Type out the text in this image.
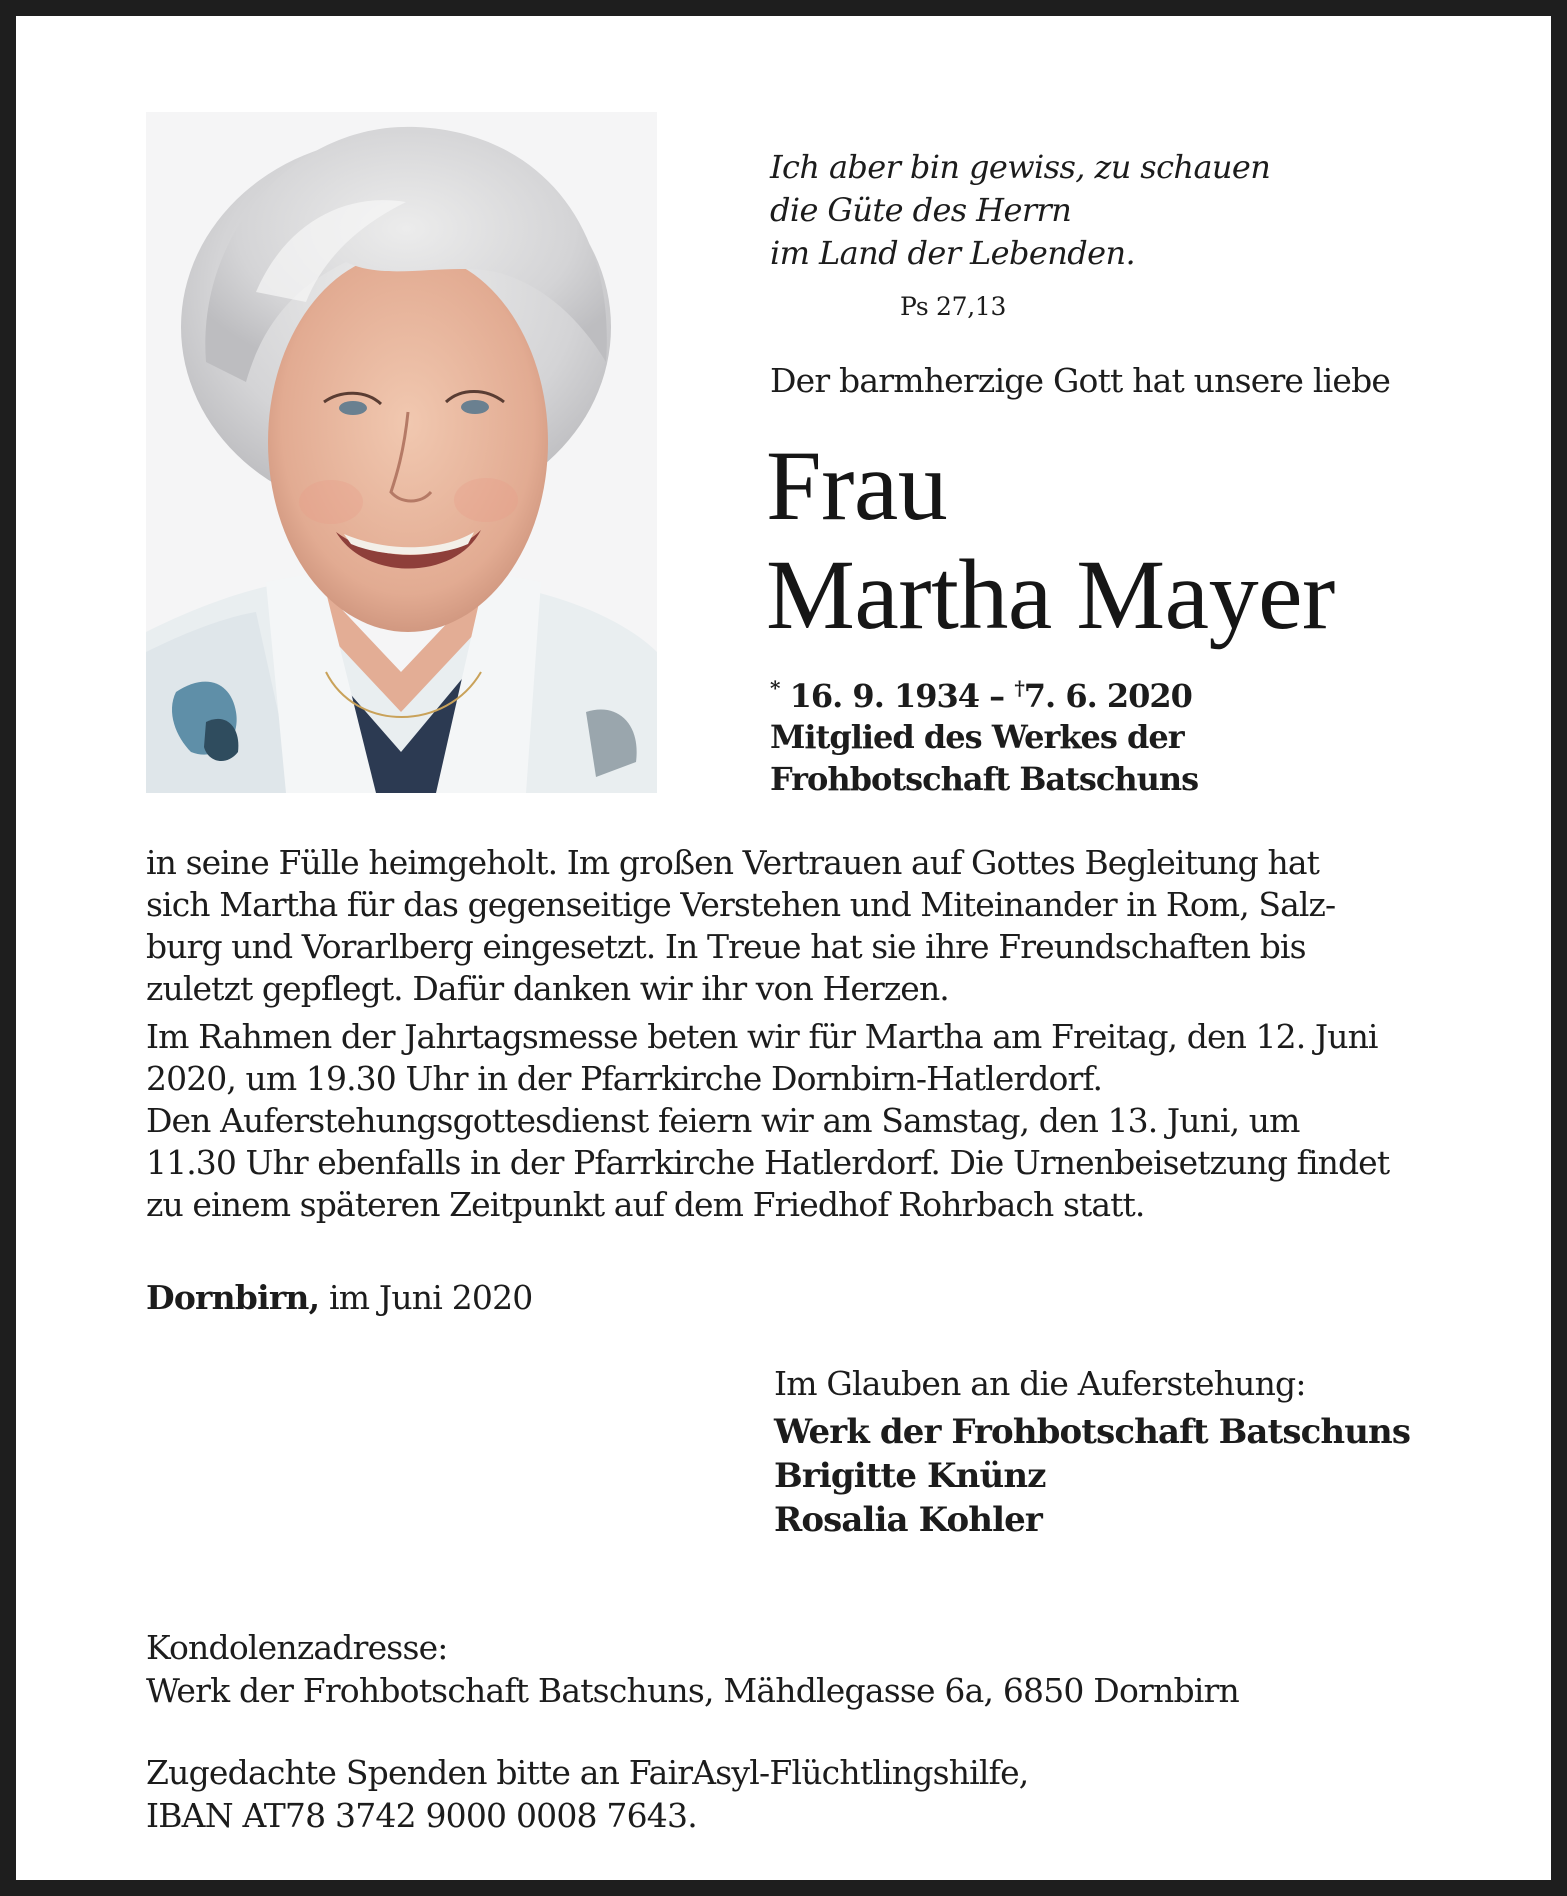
Ich aber bin gewiss, zu schauen
die Güte des Herrn
im Land der Lebenden.
Ps 27,13
Der barmherzige Gott hat unsere liebe
Frau
Martha Mayer
* 16. 9. 1934 – †7. 6. 2020
Mitglied des Werkes der
Frohbotschaft Batschuns

in seine Fülle heimgeholt. Im großen Vertrauen auf Gottes Begleitung hat
sich Martha für das gegenseitige Verstehen und Miteinander in Rom, Salz-
burg und Vorarlberg eingesetzt. In Treue hat sie ihre Freundschaften bis
zuletzt gepflegt. Dafür danken wir ihr von Herzen.

Im Rahmen der Jahrtagsmesse beten wir für Martha am Freitag, den 12. Juni
2020, um 19.30 Uhr in der Pfarrkirche Dornbirn-Hatlerdorf.
Den Auferstehungsgottesdienst feiern wir am Samstag, den 13. Juni, um
11.30 Uhr ebenfalls in der Pfarrkirche Hatlerdorf. Die Urnenbeisetzung findet
zu einem späteren Zeitpunkt auf dem Friedhof Rohrbach statt.

Dornbirn, im Juni 2020
Im Glauben an die Auferstehung:
Werk der Frohbotschaft Batschuns
Brigitte Knünz
Rosalia Kohler
Kondolenzadresse:
Werk der Frohbotschaft Batschuns, Mähdlegasse 6a, 6850 Dornbirn
Zugedachte Spenden bitte an FairAsyl-Flüchtlingshilfe,
IBAN AT78 3742 9000 0008 7643.
